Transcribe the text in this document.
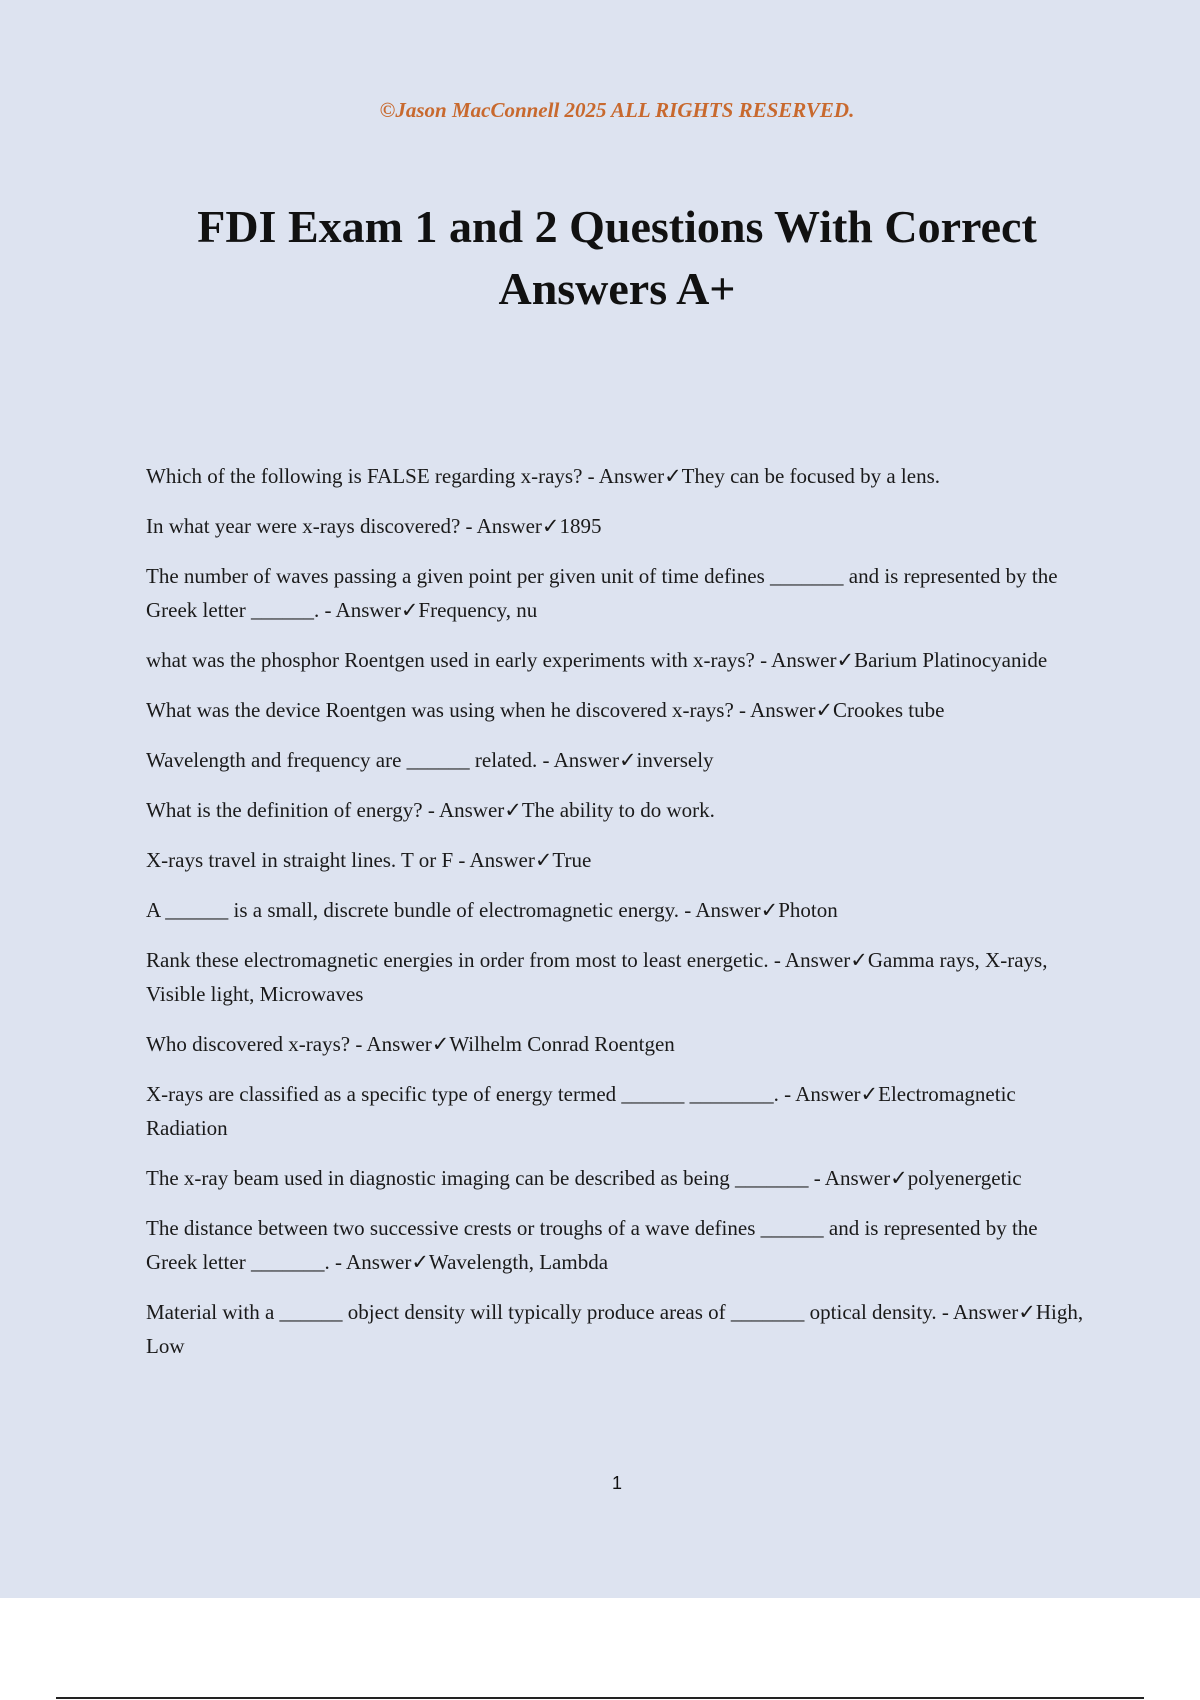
©Jason MacConnell 2025 ALL RIGHTS RESERVED.
FDI Exam 1 and 2 Questions With Correct Answers A+
Which of the following is FALSE regarding x-rays? - Answer✓They can be focused by a lens.
In what year were x-rays discovered? - Answer✓1895
The number of waves passing a given point per given unit of time defines _______ and is represented by the Greek letter ______. - Answer✓Frequency, nu
what was the phosphor Roentgen used in early experiments with x-rays? - Answer✓Barium Platinocyanide
What was the device Roentgen was using when he discovered x-rays? - Answer✓Crookes tube
Wavelength and frequency are ______ related. - Answer✓inversely
What is the definition of energy? - Answer✓The ability to do work.
X-rays travel in straight lines. T or F - Answer✓True
A ______ is a small, discrete bundle of electromagnetic energy. - Answer✓Photon
Rank these electromagnetic energies in order from most to least energetic. - Answer✓Gamma rays, X-rays, Visible light, Microwaves
Who discovered x-rays? - Answer✓Wilhelm Conrad Roentgen
X-rays are classified as a specific type of energy termed ______ ________. - Answer✓Electromagnetic Radiation
The x-ray beam used in diagnostic imaging can be described as being _______ - Answer✓polyenergetic
The distance between two successive crests or troughs of a wave defines ______ and is represented by the Greek letter _______. - Answer✓Wavelength, Lambda
Material with a ______ object density will typically produce areas of _______ optical density. - Answer✓High, Low
1
